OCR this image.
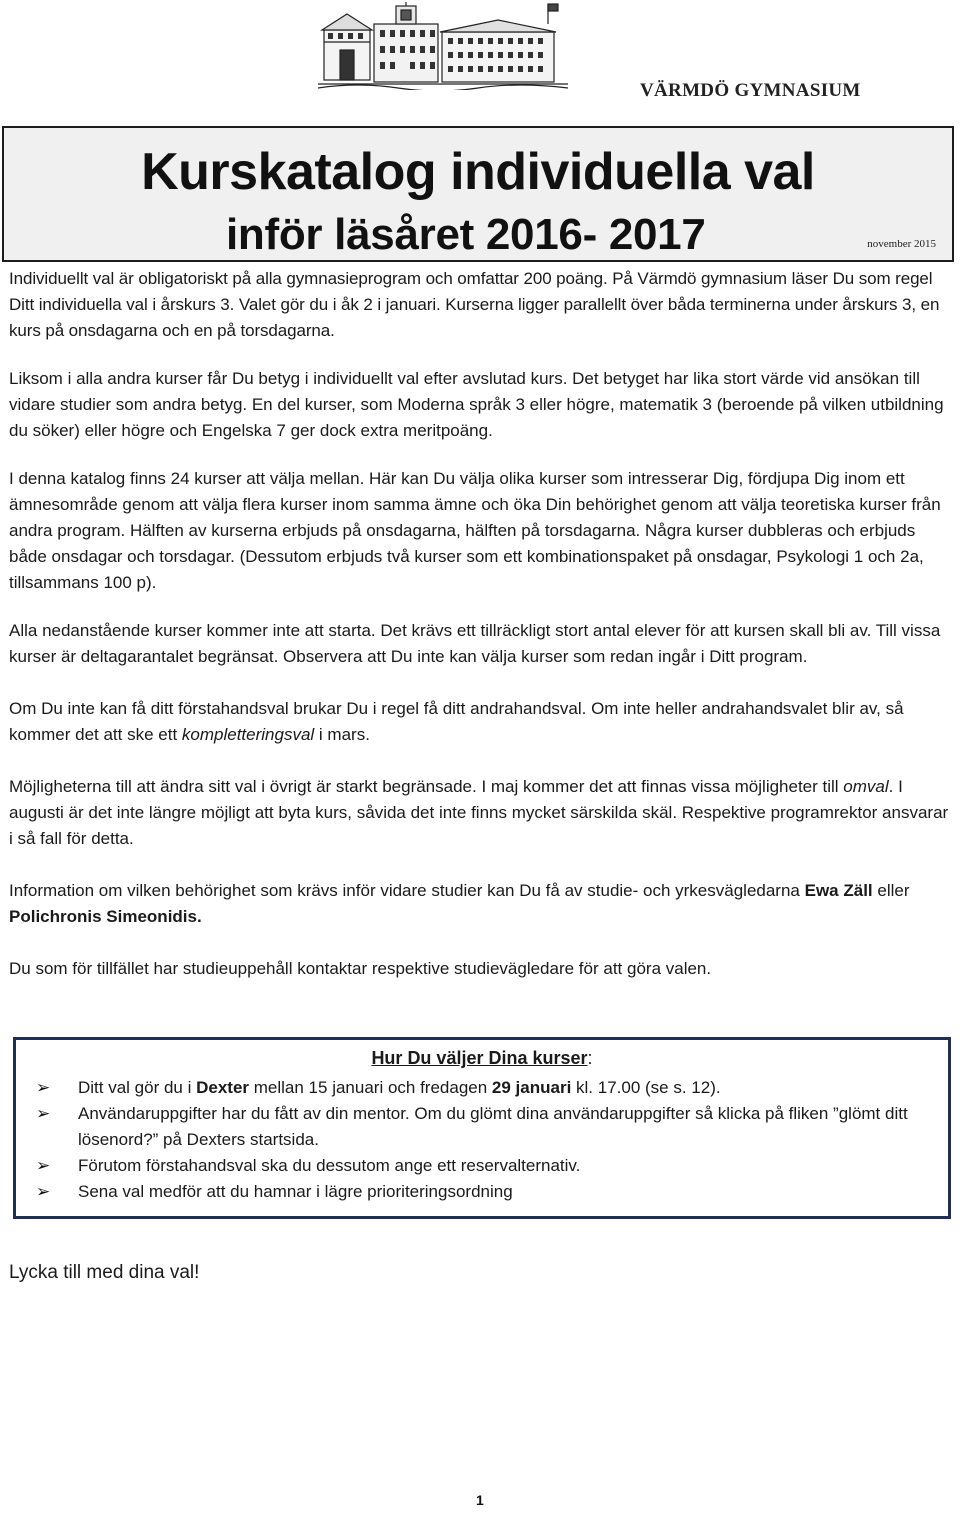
VÄRMDÖ GYMNASIUM
Kurskatalog individuella val
inför läsåret 2016- 2017	november 2015

Individuellt val är obligatoriskt på alla gymnasieprogram och omfattar 200 poäng. På Värmdö gymnasium läser Du som regel Ditt individuella val i årskurs 3. Valet gör du i åk 2 i januari. Kurserna ligger parallellt över båda terminerna under årskurs 3, en kurs på onsdagarna och en på torsdagarna.

Liksom i alla andra kurser får Du betyg i individuellt val efter avslutad kurs. Det betyget har lika stort värde vid ansökan till vidare studier som andra betyg. En del kurser, som Moderna språk 3 eller högre, matematik 3 (beroende på vilken utbildning du söker) eller högre och Engelska 7 ger dock extra meritpoäng.

I denna katalog finns 24 kurser att välja mellan. Här kan Du välja olika kurser som intresserar Dig, fördjupa Dig inom ett ämnesområde genom att välja flera kurser inom samma ämne och öka Din behörighet genom att välja teoretiska kurser från andra program. Hälften av kurserna erbjuds på onsdagarna, hälften på torsdagarna. Några kurser dubbleras och erbjuds både onsdagar och torsdagar. (Dessutom erbjuds två kurser som ett kombinationspaket på onsdagar, Psykologi 1 och 2a, tillsammans 100 p).

Alla nedanstående kurser kommer inte att starta. Det krävs ett tillräckligt stort antal elever för att kursen skall bli av. Till vissa kurser är deltagarantalet begränsat. Observera att Du inte kan välja kurser som redan ingår i Ditt program.

Om Du inte kan få ditt förstahandsval brukar Du i regel få ditt andrahandsval. Om inte heller andrahandsvalet blir av, så kommer det att ske ett kompletteringsval i mars.

Möjligheterna till att ändra sitt val i övrigt är starkt begränsade. I maj kommer det att finnas vissa möjligheter till omval. I augusti är det inte längre möjligt att byta kurs, såvida det inte finns mycket särskilda skäl. Respektive programrektor ansvarar i så fall för detta.

Information om vilken behörighet som krävs inför vidare studier kan Du få av studie- och yrkesvägledarna Ewa Zäll eller Polichronis Simeonidis.

Du som för tillfället har studieuppehåll kontaktar respektive studievägledare för att göra valen.

Hur Du väljer Dina kurser:
➢ Ditt val gör du i Dexter mellan 15 januari och fredagen 29 januari kl. 17.00 (se s. 12).
➢ Användaruppgifter har du fått av din mentor. Om du glömt dina användaruppgifter så klicka på fliken ”glömt ditt lösenord?” på Dexters startsida.
➢ Förutom förstahandsval ska du dessutom ange ett reservalternativ.
➢ Sena val medför att du hamnar i lägre prioriteringsordning
Lycka till med dina val!
1
